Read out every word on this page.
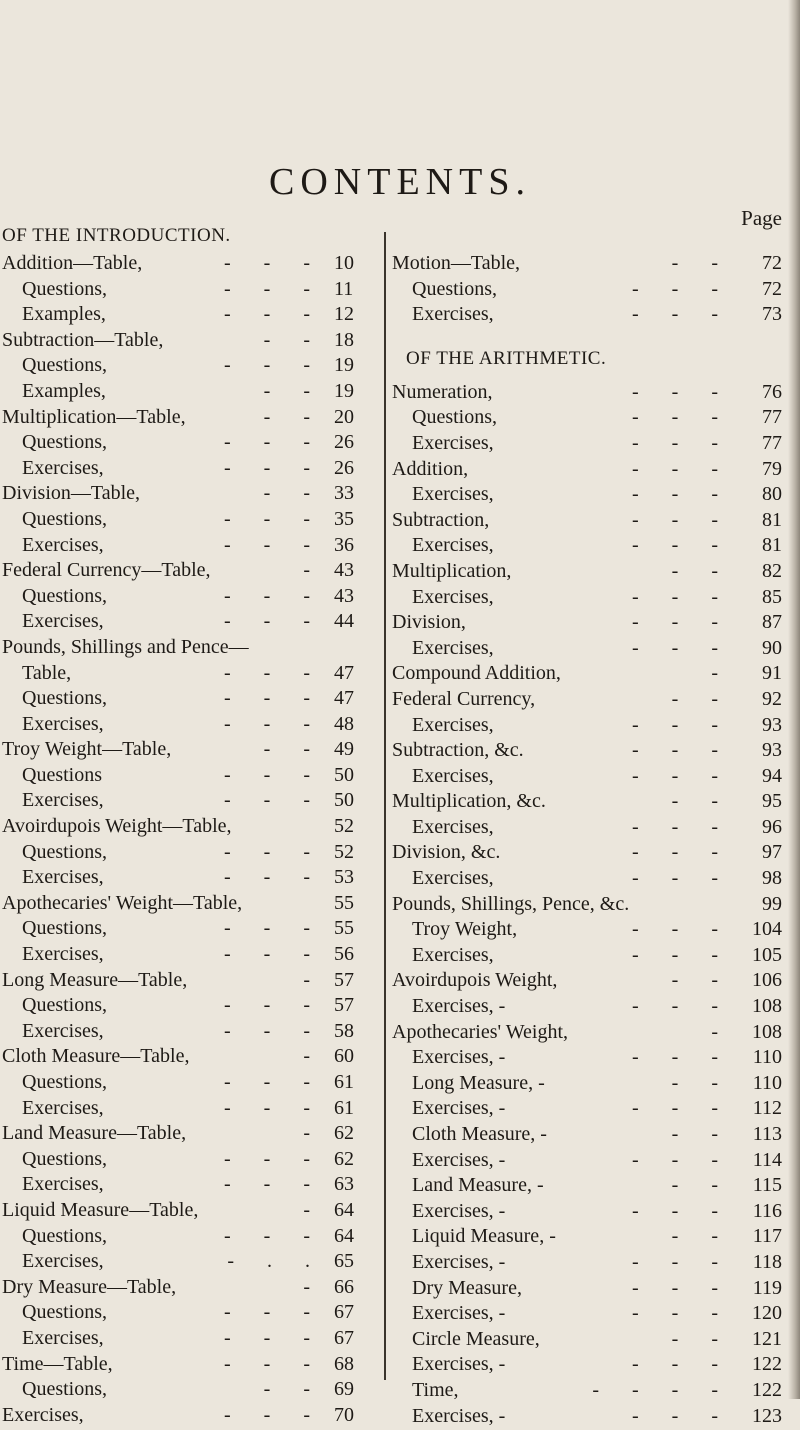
CONTENTS.
OF THE INTRODUCTION.
Addition—Table,	- - - 10
Questions,	- - - 11
Examples,	- - - 12
Subtraction—Table,	- - 18
Questions,	- - - 19
Examples,	- - 19
Multiplication—Table,	- - 20
Questions,	- - - 26
Exercises,	- - - 26
Division—Table,	- - 33
Questions,	- - - 35
Exercises,	- - - 36
Federal Currency—Table,	- 43
Questions,	- - - 43
Exercises,	- - - 44
Pounds, Shillings and Pence—
Table,	- - - 47
Questions,	- - - 47
Exercises,	- - - 48
Troy Weight—Table,	- - 49
Questions	- - - 50
Exercises,	- - - 50
Avoirdupois Weight—Table,	52
Questions,	- - - 52
Exercises,	- - - 53
Apothecaries' Weight—Table,	55
Questions,	- - - 55
Exercises,	- - - 56
Long Measure—Table,	- 57
Questions,	- - - 57
Exercises,	- - - 58
Cloth Measure—Table,	- 60
Questions,	- - - 61
Exercises,	- - - 61
Land Measure—Table,	- 62
Questions,	- - - 62
Exercises,	- - - 63
Liquid Measure—Table,	- 64
Questions,	- - - 64
Exercises,	- . . 65
Dry Measure—Table,	- 66
Questions,	- - - 67
Exercises,	- - - 67
Time—Table,	- - - 68
Questions,	- - 69
Exercises,	- - - 70
Page
Motion—Table,	- -	72
Questions,	- - -	72
Exercises,	- - -	73
OF THE ARITHMETIC.
Numeration,	- - -	76
Questions,	- - -	77
Exercises,	- - -	77
Addition,	- - -	79
Exercises,	- - -	80
Subtraction,	- - -	81
Exercises,	- - -	81
Multiplication,	- -	82
Exercises,	- - -	85
Division,	- - -	87
Exercises,	- - -	90
Compound Addition,	-	91
Federal Currency,	- -	92
Exercises,	- - -	93
Subtraction, &c.	- - -	93
Exercises,	- - -	94
Multiplication, &c.	- -	95
Exercises,	- - -	96
Division, &c.	- - -	97
Exercises,	- - -	98
Pounds, Shillings, Pence, &c.	99
Troy Weight,	- - -	104
Exercises,	- - -	105
Avoirdupois Weight,	- -	106
Exercises, -	- - -	108
Apothecaries' Weight,	-	108
Exercises, -	- - -	110
Long Measure, -	- -	110
Exercises, -	- - -	112
Cloth Measure, -	- -	113
Exercises, -	- - -	114
Land Measure, -	- -	115
Exercises, -	- - -	116
Liquid Measure, -	- -	117
Exercises, -	- - -	118
Dry Measure,	- - -	119
Exercises, -	- - -	120
Circle Measure,	- -	121
Exercises, -	- - -	122
Time,	- - - -	122
Exercises, -	- - -	123
